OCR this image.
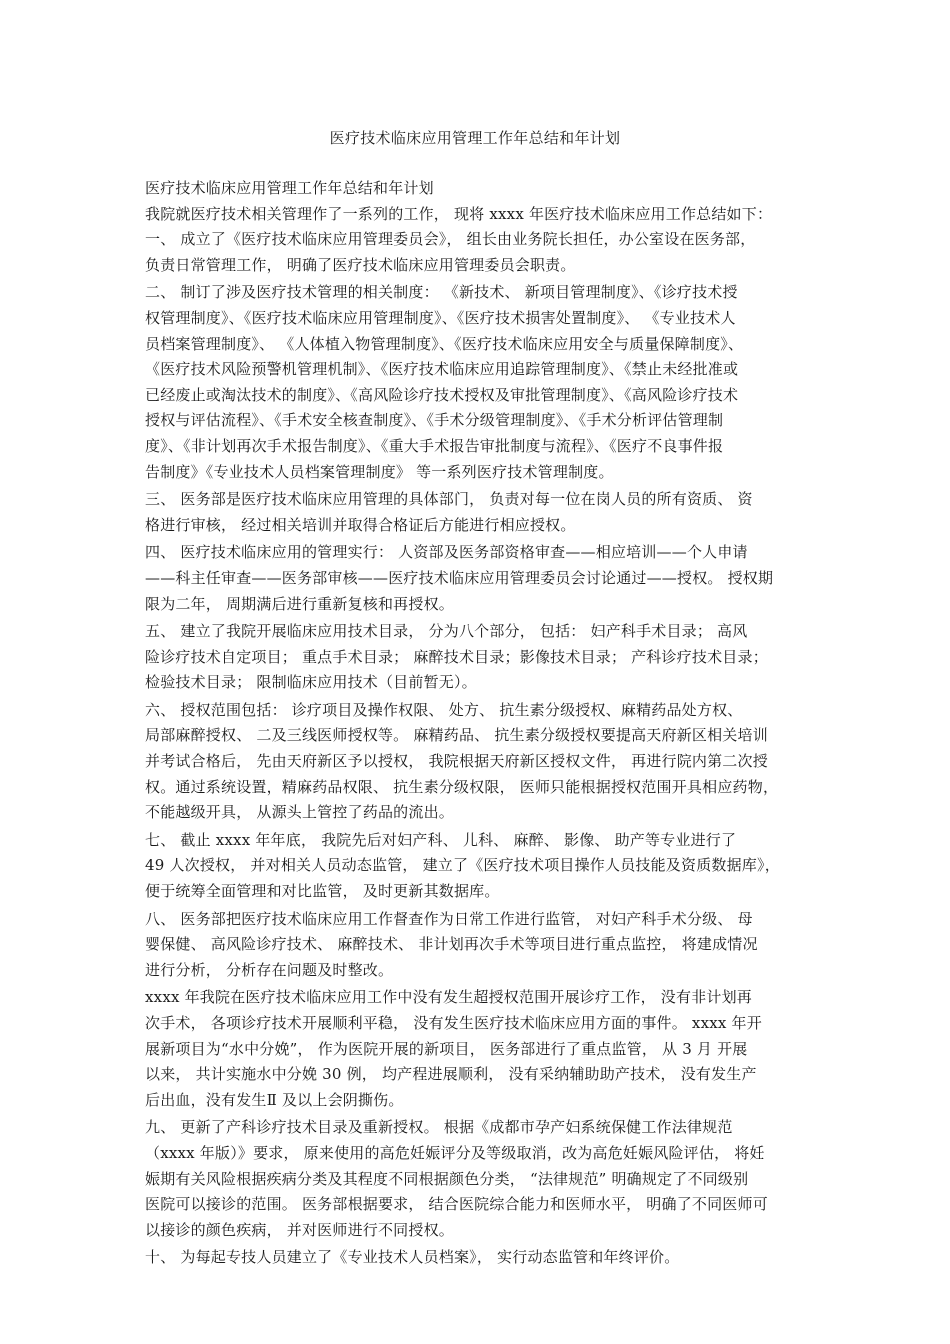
医疗技术临床应用管理工作年总结和年计划
医疗技术临床应用管理工作年总结和年计划
我院就医疗技术相关管理作了一系列的工作， 现将 xxxx 年医疗技术临床应用工作总结如下：
一、 成立了《医疗技术临床应用管理委员会》， 组长由业务院长担任，办公室设在医务部，
负责日常管理工作， 明确了医疗技术临床应用管理委员会职责。
二、 制订了涉及医疗技术管理的相关制度： 《新技术、 新项目管理制度》、《诊疗技术授
权管理制度》、《医疗技术临床应用管理制度》、《医疗技术损害处置制度》、 《专业技术人
员档案管理制度》、 《人体植入物管理制度》、《医疗技术临床应用安全与质量保障制度》、
《医疗技术风险预警机管理机制》、《医疗技术临床应用追踪管理制度》、《禁止未经批准或
已经废止或淘汰技术的制度》、《高风险诊疗技术授权及审批管理制度》、《高风险诊疗技术
授权与评估流程》、《手术安全核查制度》、《手术分级管理制度》、《手术分析评估管理制
度》、《非计划再次手术报告制度》、《重大手术报告审批制度与流程》、《医疗不良事件报
告制度》《专业技术人员档案管理制度》 等一系列医疗技术管理制度。
三、 医务部是医疗技术临床应用管理的具体部门， 负责对每一位在岗人员的所有资质、 资
格进行审核， 经过相关培训并取得合格证后方能进行相应授权。
四、 医疗技术临床应用的管理实行： 人资部及医务部资格审查——相应培训——个人申请
——科主任审查——医务部审核——医疗技术临床应用管理委员会讨论通过——授权。 授权期
限为二年， 周期满后进行重新复核和再授权。
五、 建立了我院开展临床应用技术目录， 分为八个部分， 包括： 妇产科手术目录； 高风
险诊疗技术自定项目； 重点手术目录； 麻醉技术目录；影像技术目录； 产科诊疗技术目录；
检验技术目录； 限制临床应用技术（目前暂无）。
六、 授权范围包括： 诊疗项目及操作权限、 处方、 抗生素分级授权、麻精药品处方权、
局部麻醉授权、 二及三线医师授权等。 麻精药品、 抗生素分级授权要提高天府新区相关培训
并考试合格后， 先由天府新区予以授权， 我院根据天府新区授权文件， 再进行院内第二次授
权。通过系统设置，精麻药品权限、 抗生素分级权限， 医师只能根据授权范围开具相应药物，
不能越级开具， 从源头上管控了药品的流出。
七、 截止 xxxx 年年底， 我院先后对妇产科、 儿科、 麻醉、 影像、 助产等专业进行了
49 人次授权， 并对相关人员动态监管， 建立了《医疗技术项目操作人员技能及资质数据库》，
便于统筹全面管理和对比监管， 及时更新其数据库。
八、 医务部把医疗技术临床应用工作督查作为日常工作进行监管， 对妇产科手术分级、 母
婴保健、 高风险诊疗技术、 麻醉技术、 非计划再次手术等项目进行重点监控， 将建成情况
进行分析， 分析存在问题及时整改。
xxxx 年我院在医疗技术临床应用工作中没有发生超授权范围开展诊疗工作， 没有非计划再
次手术， 各项诊疗技术开展顺利平稳， 没有发生医疗技术临床应用方面的事件。 xxxx 年开
展新项目为“水中分娩”， 作为医院开展的新项目， 医务部进行了重点监管， 从 3 月 开展
以来， 共计实施水中分娩 30 例， 均产程进展顺利， 没有采纳辅助助产技术， 没有发生产
后出血，没有发生Ⅱ 及以上会阴撕伤。
九、 更新了产科诊疗技术目录及重新授权。 根据《成都市孕产妇系统保健工作法律规范
（xxxx 年版）》要求， 原来使用的高危妊娠评分及等级取消，改为高危妊娠风险评估， 将妊
娠期有关风险根据疾病分类及其程度不同根据颜色分类， “法律规范” 明确规定了不同级别
医院可以接诊的范围。 医务部根据要求， 结合医院综合能力和医师水平， 明确了不同医师可
以接诊的颜色疾病， 并对医师进行不同授权。
十、 为每起专技人员建立了《专业技术人员档案》， 实行动态监管和年终评价。
